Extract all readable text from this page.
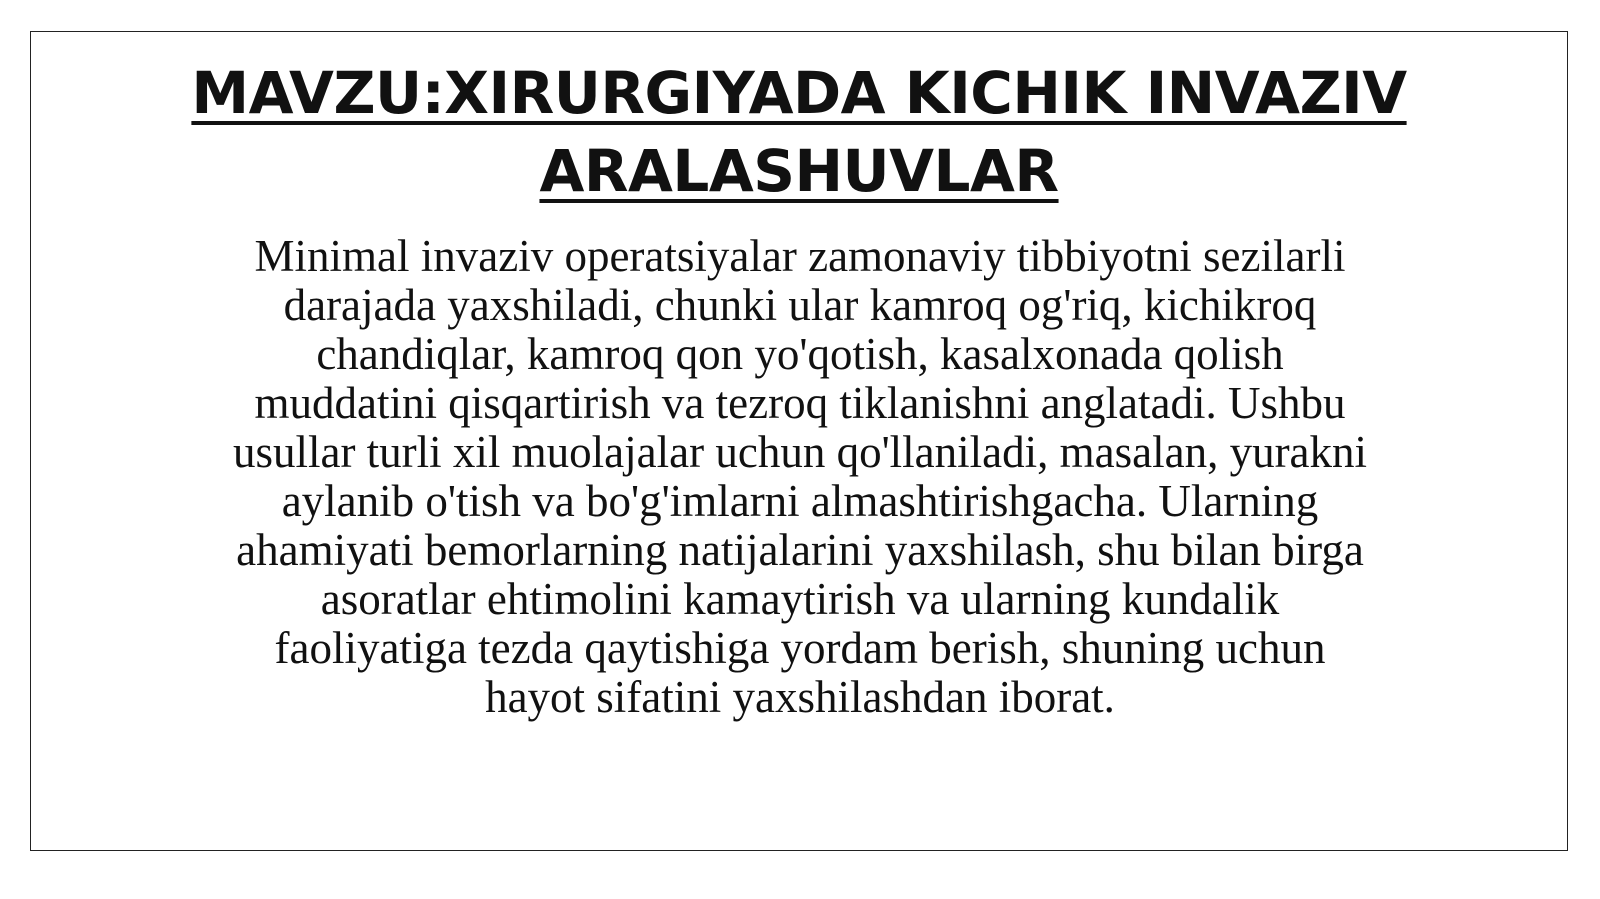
MAVZU:XIRURGIYADA KICHIK INVAZIV
ARALASHUVLAR

Minimal invaziv operatsiyalar zamonaviy tibbiyotni sezilarli
darajada yaxshiladi, chunki ular kamroq og'riq, kichikroq
chandiqlar, kamroq qon yo'qotish, kasalxonada qolish
muddatini qisqartirish va tezroq tiklanishni anglatadi. Ushbu
usullar turli xil muolajalar uchun qo'llaniladi, masalan, yurakni
aylanib o'tish va bo'g'imlarni almashtirishgacha. Ularning
ahamiyati bemorlarning natijalarini yaxshilash, shu bilan birga
asoratlar ehtimolini kamaytirish va ularning kundalik
faoliyatiga tezda qaytishiga yordam berish, shuning uchun
hayot sifatini yaxshilashdan iborat.
